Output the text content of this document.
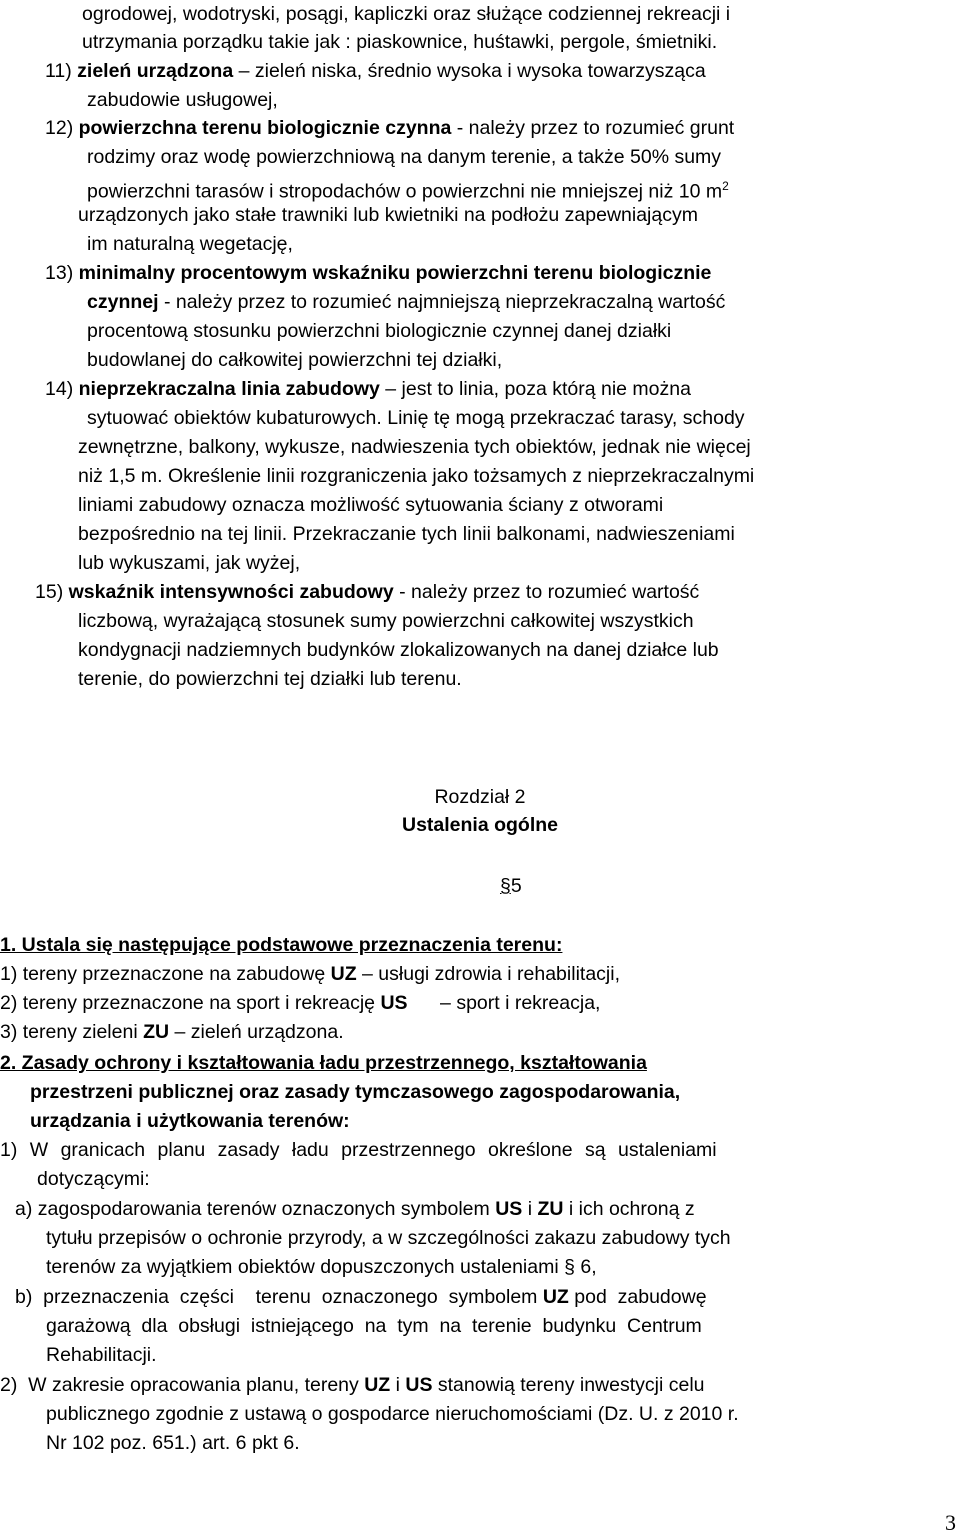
ogrodowej, wodotryski, posągi, kapliczki oraz służące codziennej rekreacji i
utrzymania porządku takie jak : piaskownice, huśtawki, pergole, śmietniki.
11) zieleń urządzona – zieleń niska, średnio wysoka i wysoka towarzysząca
zabudowie usługowej,
12) powierzchna terenu biologicznie czynna - należy przez to rozumieć grunt
rodzimy oraz wodę powierzchniową na danym terenie, a także 50% sumy
powierzchni tarasów i stropodachów o powierzchni nie mniejszej niż 10 $m^2$
urządzonych jako stałe trawniki lub kwietniki na podłożu zapewniającym
im naturalną wegetację,
13) minimalny procentowym wskaźniku powierzchni terenu biologicznie
czynnej - należy przez to rozumieć najmniejszą nieprzekraczalną wartość
procentową stosunku powierzchni biologicznie czynnej danej działki
budowlanej do całkowitej powierzchni tej działki,
14) nieprzekraczalna linia zabudowy – jest to linia, poza którą nie można
sytuować obiektów kubaturowych. Linię tę mogą przekraczać tarasy, schody
zewnętrzne, balkony, wykusze, nadwieszenia tych obiektów, jednak nie więcej
niż 1,5 m. Określenie linii rozgraniczenia jako tożsamych z nieprzekraczalnymi
liniami zabudowy oznacza możliwość sytuowania ściany z otworami
bezpośrednio na tej linii. Przekraczanie tych linii balkonami, nadwieszeniami
lub wykuszami, jak wyżej,
15) wskaźnik intensywności zabudowy - należy przez to rozumieć wartość
liczbową, wyrażającą stosunek sumy powierzchni całkowitej wszystkich
kondygnacji nadziemnych budynków zlokalizowanych na danej działce lub
terenie, do powierzchni tej działki lub terenu.
Rozdział 2
Ustalenia ogólne
§5
1. Ustala się następujące podstawowe przeznaczenia terenu:
1) tereny przeznaczone na zabudowę UZ – usługi zdrowia i rehabilitacji,
2) tereny przeznaczone na sport i rekreację US      – sport i rekreacja,
3) tereny zieleni ZU – zieleń urządzona.
2. Zasady ochrony i kształtowania ładu przestrzennego, kształtowania
przestrzeni publicznej oraz zasady tymczasowego zagospodarowania,
urządzania i użytkowania terenów:
1) W granicach planu zasady ładu przestrzennego określone są ustaleniami
dotyczącymi:
a) zagospodarowania terenów oznaczonych symbolem US i ZU i ich ochroną z
tytułu przepisów o ochronie przyrody, a w szczególności zakazu zabudowy tych
terenów za wyjątkiem obiektów dopuszczonych ustaleniami § 6,
b)  przeznaczenia  części    terenu  oznaczonego  symbolem UZ pod  zabudowę
garażową  dla  obsługi  istniejącego  na  tym  na  terenie  budynku  Centrum
Rehabilitacji.
2)  W zakresie opracowania planu, tereny UZ i US stanowią tereny inwestycji celu
publicznego zgodnie z ustawą o gospodarce nieruchomościami (Dz. U. z 2010 r.
Nr 102 poz. 651.) art. 6 pkt 6.
3
